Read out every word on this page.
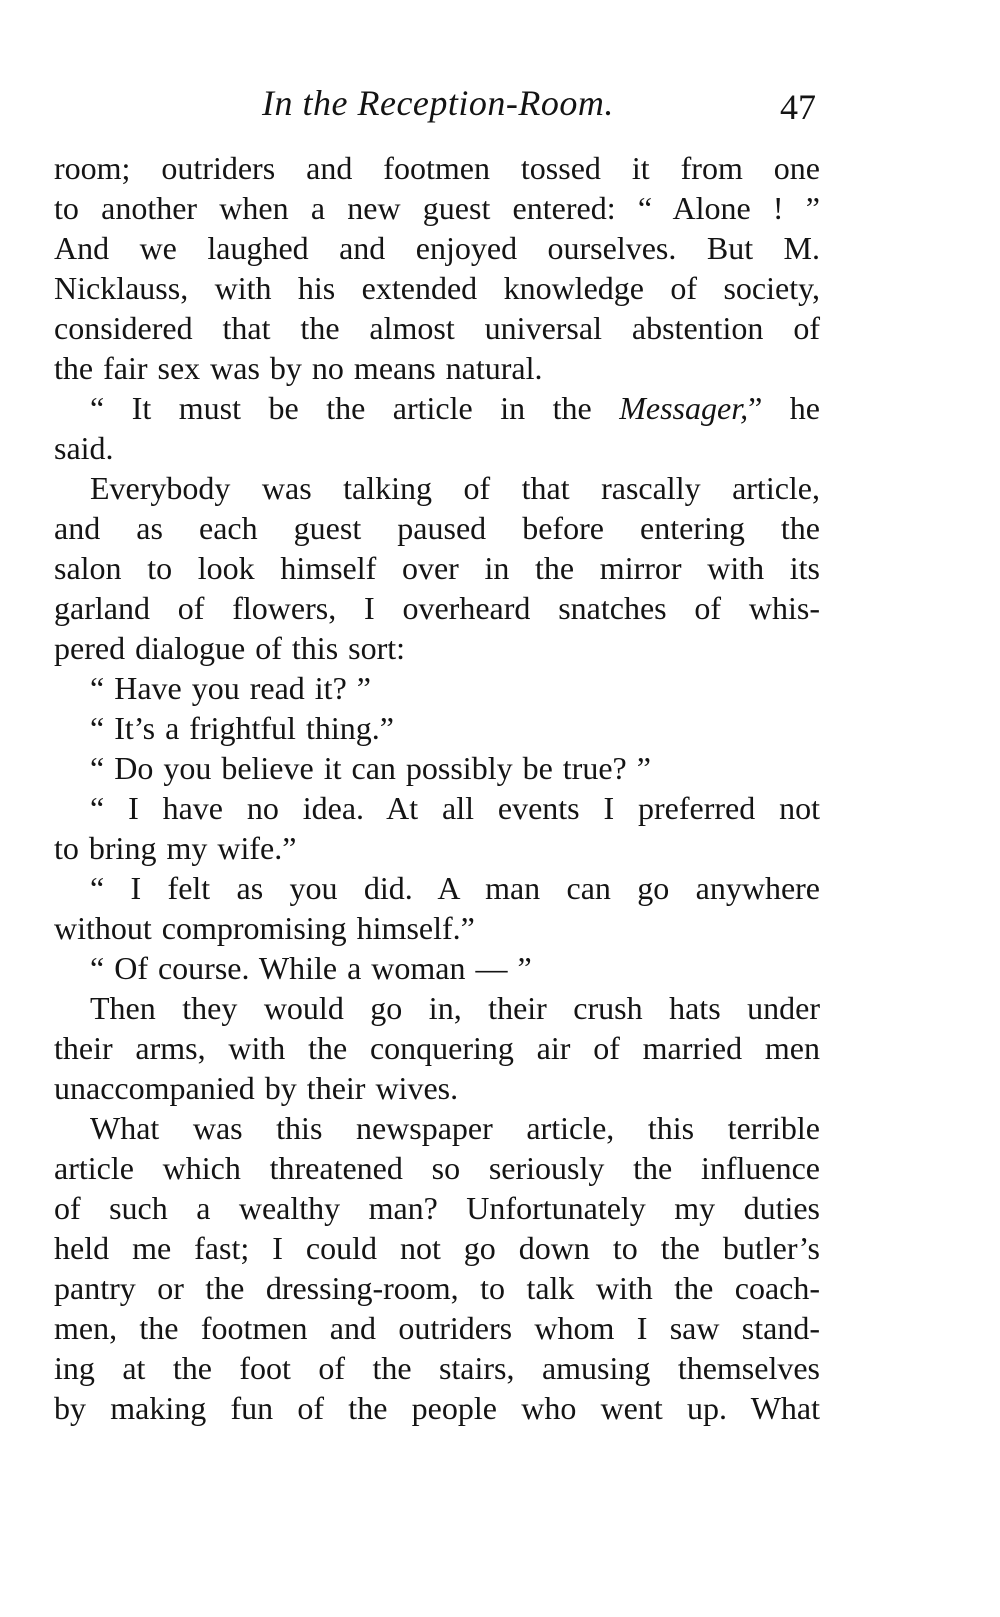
In the Reception-Room.	47
room; outriders and footmen tossed it from one
to another when a new guest entered: “ Alone ! ”
And we laughed and enjoyed ourselves. But M.
Nicklauss, with his extended knowledge of society,
considered that the almost universal abstention of
the fair sex was by no means natural.
“ It must be the article in the Messager,” he
said.
Everybody was talking of that rascally article,
and as each guest paused before entering the
salon to look himself over in the mirror with its
garland of flowers, I overheard snatches of whis-
pered dialogue of this sort:
“ Have you read it? ”
“ It’s a frightful thing.”
“ Do you believe it can possibly be true? ”
“ I have no idea. At all events I preferred not
to bring my wife.”
“ I felt as you did. A man can go anywhere
without compromising himself.”
“ Of course. While a woman — ”
Then they would go in, their crush hats under
their arms, with the conquering air of married men
unaccompanied by their wives.
What was this newspaper article, this terrible
article which threatened so seriously the influence
of such a wealthy man? Unfortunately my duties
held me fast; I could not go down to the butler’s
pantry or the dressing-room, to talk with the coach-
men, the footmen and outriders whom I saw stand-
ing at the foot of the stairs, amusing themselves
by making fun of the people who went up. What
